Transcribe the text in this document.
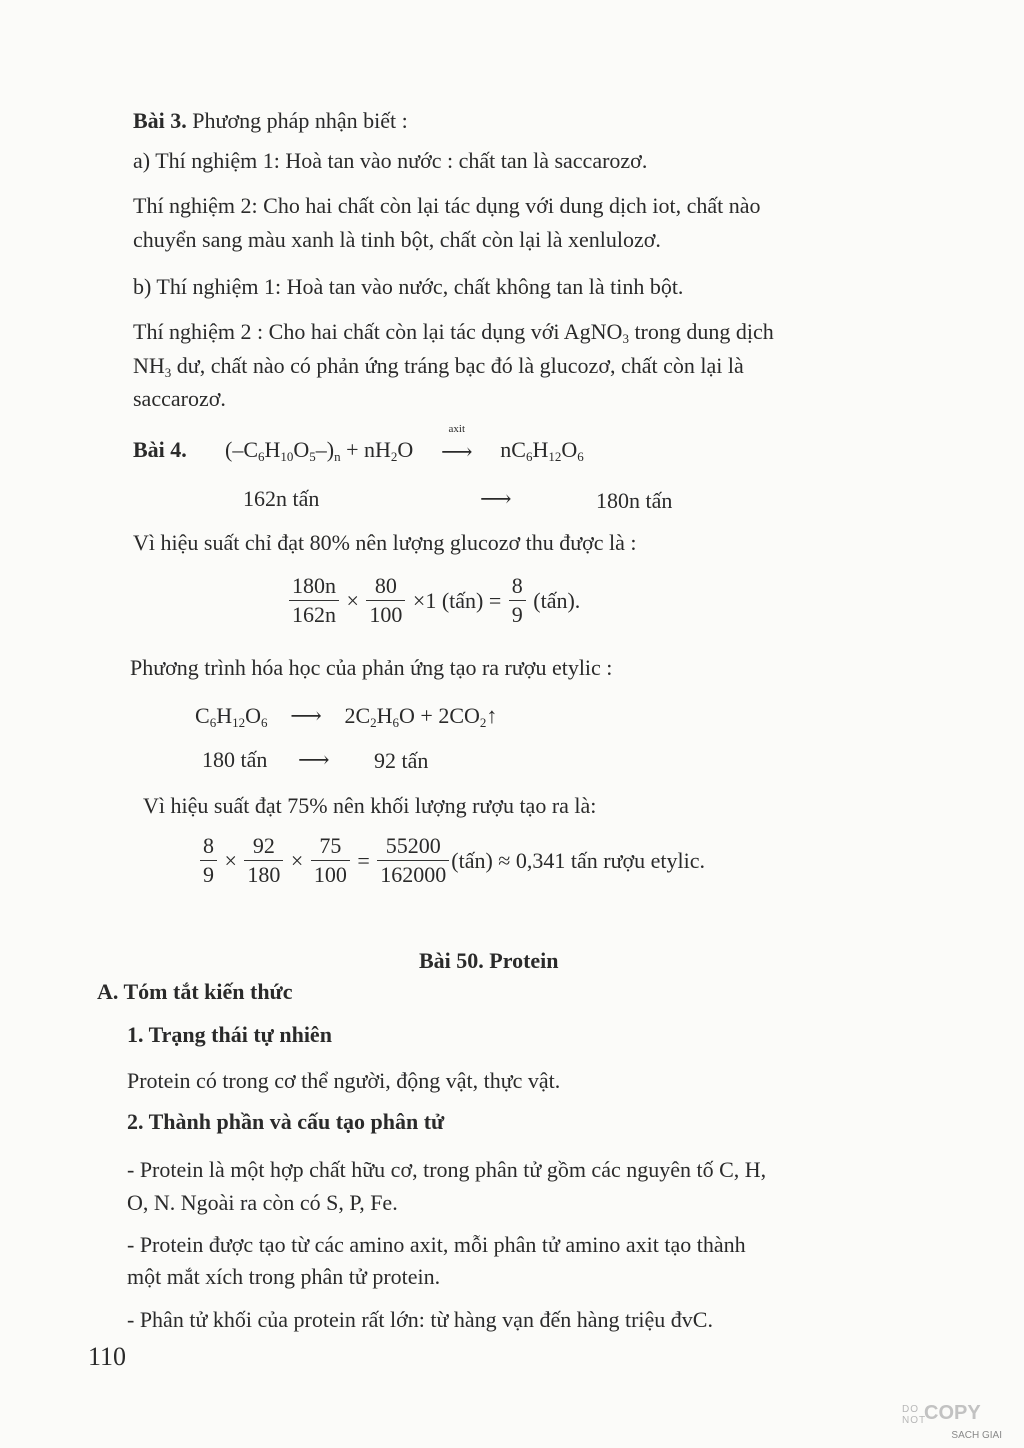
Bài 3. Phương pháp nhận biết :
a) Thí nghiệm 1: Hoà tan vào nước : chất tan là saccarozơ.
Thí nghiệm 2: Cho hai chất còn lại tác dụng với dung dịch iot, chất nào
chuyển sang màu xanh là tinh bột, chất còn lại là xenlulozơ.
b) Thí nghiệm 1: Hoà tan vào nước, chất không tan là tinh bột.
Thí nghiệm 2 : Cho hai chất còn lại tác dụng với AgNO$_3$ trong dung dịch
$NH_3$ dư, chất nào có phản ứng tráng bạc đó là glucozơ, chất còn lại là
saccarozơ.
Bài 4. $(-C_6H_{10}O_5-)_n + nH_2O$
axit
⟶ $nC_6H_{12}O_6$
162n tấn	⟶	180n tấn
Vì hiệu suất chỉ đạt 80% nên lượng glucozơ thu được là :
$\frac{180n}{162n} \times \frac{80}{100} \times 1$ (tấn) = $\frac{8}{9}$ (tấn).
Phương trình hóa học của phản ứng tạo ra rượu etylic :
$C_6H_{12}O_6$ ⟶ $2C_2H_6O$ + $2CO_2↑$
180 tấn ⟶ 92 tấn
Vì hiệu suất đạt 75% nên khối lượng rượu tạo ra là:
$\frac{8}{9} \times \frac{92}{180} \times \frac{75}{100} = \frac{55200}{162000}$ (tấn) ≈ 0,341 tấn rượu etylic.
Bài 50. Protein
A. Tóm tắt kiến thức
1. Trạng thái tự nhiên
Protein có trong cơ thể người, động vật, thực vật.
2. Thành phần và cấu tạo phân tử
- Protein là một hợp chất hữu cơ, trong phân tử gồm các nguyên tố C, H,
O, N. Ngoài ra còn có S, P, Fe.
- Protein được tạo từ các amino axit, mỗi phân tử amino axit tạo thành
một mắt xích trong phân tử protein.
- Phân tử khối của protein rất lớn: từ hàng vạn đến hàng triệu đvC.
110
DO
NOT
COPY
SACH GIAI
